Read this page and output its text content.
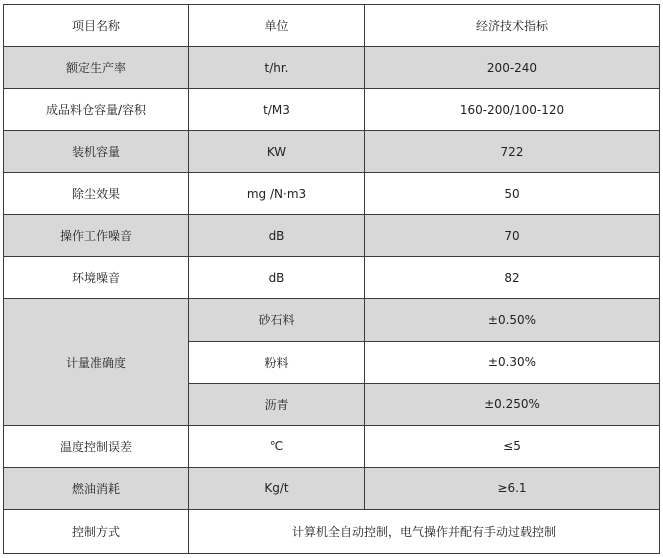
项目名称	单位	经济技术指标
额定生产率	t/hr.	200-240
成品料仓容量/容积	t/M3	160-200/100-120
装机容量	KW	722
除尘效果	mg /N·m3	50
操作工作噪音	dB	70
环境噪音	dB	82
计量准确度	砂石料	±0.50%
	粉料	±0.30%
	沥青	±0.250%
温度控制误差	℃	≤5
燃油消耗	Kg/t	≥6.1
控制方式	计算机全自动控制，电气操作并配有手动过载控制	
